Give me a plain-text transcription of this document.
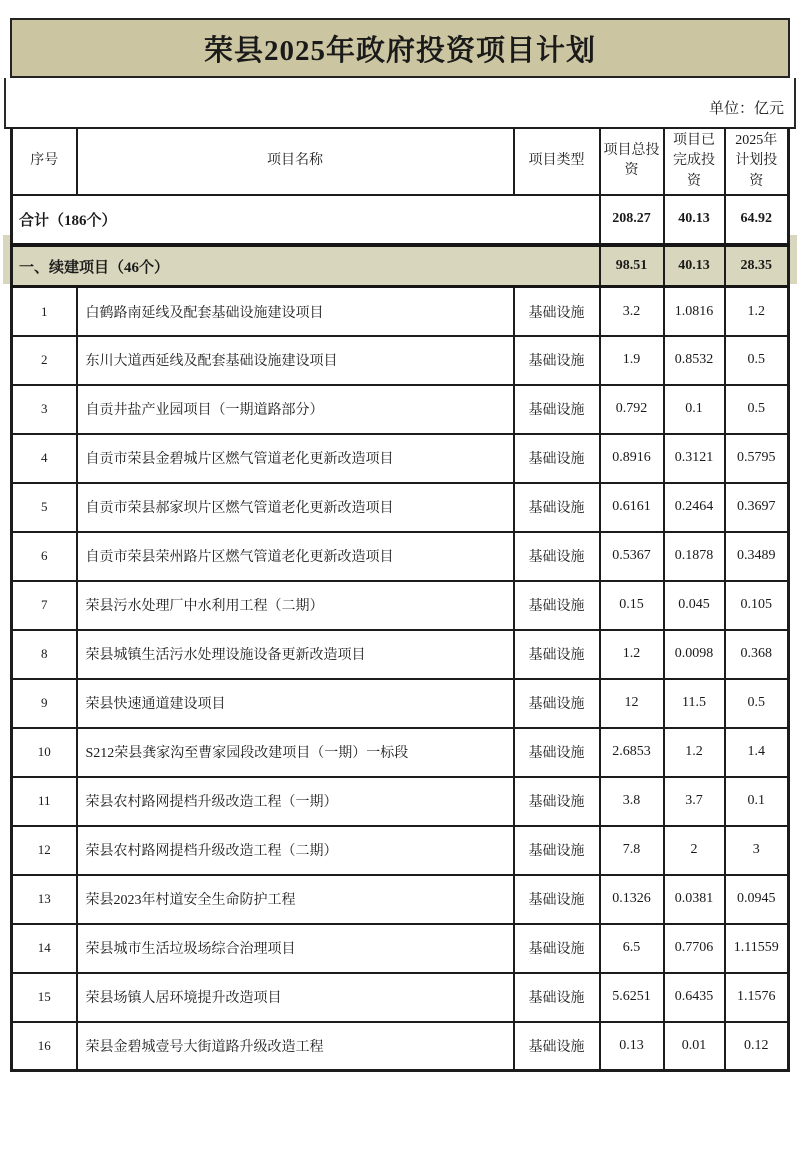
荣县2025年政府投资项目计划
单位：亿元
序号	项目名称	项目类型	项目总投资	项目已完成投资	2025年计划投资
合计（186个）			208.27	40.13	64.92
一、续建项目（46个）			98.51	40.13	28.35
1	白鹤路南延线及配套基础设施建设项目	基础设施	3.2	1.0816	1.2
2	东川大道西延线及配套基础设施建设项目	基础设施	1.9	0.8532	0.5
3	自贡井盐产业园项目（一期道路部分）	基础设施	0.792	0.1	0.5
4	自贡市荣县金碧城片区燃气管道老化更新改造项目	基础设施	0.8916	0.3121	0.5795
5	自贡市荣县郝家坝片区燃气管道老化更新改造项目	基础设施	0.6161	0.2464	0.3697
6	自贡市荣县荣州路片区燃气管道老化更新改造项目	基础设施	0.5367	0.1878	0.3489
7	荣县污水处理厂中水利用工程（二期）	基础设施	0.15	0.045	0.105
8	荣县城镇生活污水处理设施设备更新改造项目	基础设施	1.2	0.0098	0.368
9	荣县快速通道建设项目	基础设施	12	11.5	0.5
10	S212荣县龚家沟至曹家园段改建项目（一期）一标段	基础设施	2.6853	1.2	1.4
11	荣县农村路网提档升级改造工程（一期）	基础设施	3.8	3.7	0.1
12	荣县农村路网提档升级改造工程（二期）	基础设施	7.8	2	3
13	荣县2023年村道安全生命防护工程	基础设施	0.1326	0.0381	0.0945
14	荣县城市生活垃圾场综合治理项目	基础设施	6.5	0.7706	1.11559
15	荣县场镇人居环境提升改造项目	基础设施	5.6251	0.6435	1.1576
16	荣县金碧城壹号大街道路升级改造工程	基础设施	0.13	0.01	0.12
